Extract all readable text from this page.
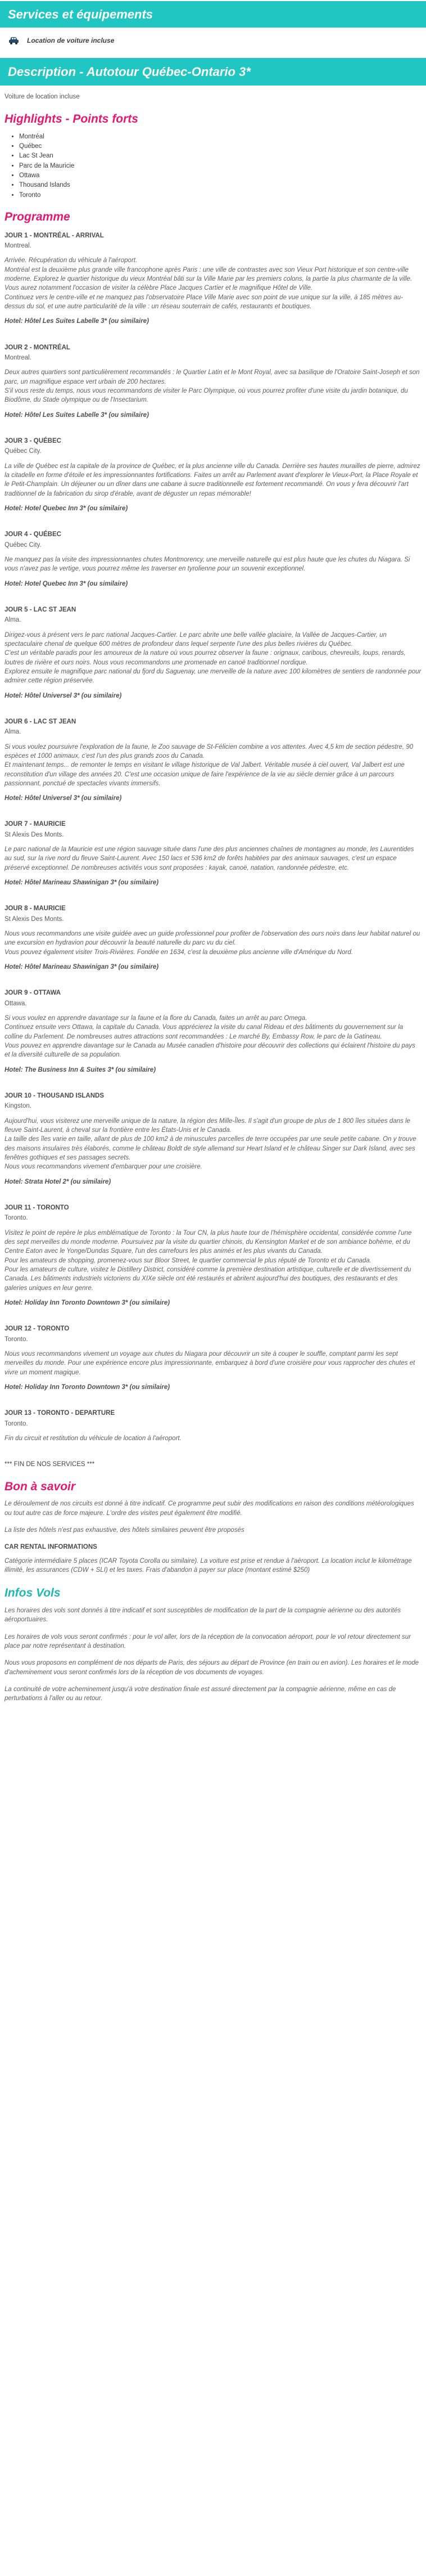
Services et équipements
Location de voiture incluse
Description - Autotour Québec-Ontario 3*
Voiture de location incluse
Highlights - Points forts
• Montréal
• Québec
• Lac St Jean
• Parc de la Mauricie
• Ottawa
• Thousand Islands
• Toronto
Programme
JOUR 1 - MONTRÉAL - ARRIVAL
Montreal.

Arrivée. Récupération du véhicule à l'aéroport.

Montréal est la deuxième plus grande ville francophone après Paris : une ville de contrastes avec son Vieux Port historique et son centre-ville moderne. Explorez le quartier historique du vieux Montréal bâti sur la Ville Marie par les premiers colons, la partie la plus charmante de la ville. Vous aurez notamment l'occasion de visiter la célèbre Place Jacques Cartier et le magnifique Hôtel de Ville.

Continuez vers le centre-ville et ne manquez pas l'observatoire Place Ville Marie avec son point de vue unique sur la ville, à 185 mètres au-dessus du sol, et une autre particularité de la ville : un réseau souterrain de cafés, restaurants et boutiques.

Hotel: Hôtel Les Suites Labelle 3* (ou similaire)
JOUR 2 - MONTRÉAL
Montreal.

Deux autres quartiers sont particulièrement recommandés : le Quartier Latin et le Mont Royal, avec sa basilique de l'Oratoire Saint-Joseph et son parc, un magnifique espace vert urbain de 200 hectares.

S'il vous reste du temps, nous vous recommandons de visiter le Parc Olympique, où vous pourrez profiter d'une visite du jardin botanique, du Biodôme, du Stade olympique ou de l'Insectarium.

Hotel: Hôtel Les Suites Labelle 3* (ou similaire)
JOUR 3 - QUÉBEC
Québec City.

La ville de Québec est la capitale de la province de Québec, et la plus ancienne ville du Canada. Derrière ses hautes murailles de pierre, admirez la citadelle en forme d'étoile et les impressionnantes fortifications. Faites un arrêt au Parlement avant d'explorer le Vieux-Port, la Place Royale et le Petit-Champlain. Un déjeuner ou un dîner dans une cabane à sucre traditionnelle est fortement recommandé. On vous y fera découvrir l'art traditionnel de la fabrication du sirop d'érable, avant de déguster un repas mémorable!

Hotel: Hotel Quebec Inn 3* (ou similaire)
JOUR 4 - QUÉBEC
Québec City.

Ne manquez pas la visite des impressionnantes chutes Montmorency, une merveille naturelle qui est plus haute que les chutes du Niagara. Si vous n'avez pas le vertige, vous pourrez même les traverser en tyrolienne pour un souvenir exceptionnel.

Hotel: Hotel Quebec Inn 3* (ou similaire)
JOUR 5 - LAC ST JEAN
Alma.

Dirigez-vous à présent vers le parc national Jacques-Cartier. Le parc abrite une belle vallée glaciaire, la Vallée de Jacques-Cartier, un spectaculaire chenal de quelque 600 mètres de profondeur dans lequel serpente l'une des plus belles rivières du Québec.

C'est un véritable paradis pour les amoureux de la nature où vous pourrez observer la faune : orignaux, caribous, chevreuils, loups, renards, loutres de rivière et ours noirs. Nous vous recommandons une promenade en canoë traditionnel nordique.

Explorez ensuite le magnifique parc national du fjord du Saguenay, une merveille de la nature avec 100 kilomètres de sentiers de randonnée pour admirer cette région préservée.

Hotel: Hôtel Universel 3* (ou similaire)
JOUR 6 - LAC ST JEAN
Alma.

Si vous voulez poursuivre l'exploration de la faune, le Zoo sauvage de St-Félicien combine a vos attentes. Avec 4,5 km de section pédestre, 90 espèces et 1000 animaux, c'est l'un des plus grands zoos du Canada.

Et maintenant temps... de remonter le temps en visitant le village historique de Val Jalbert. Véritable musée à ciel ouvert, Val Jalbert est une reconstitution d'un village des années 20. C'est une occasion unique de faire l'expérience de la vie au siècle dernier grâce à un parcours passionnant, ponctué de spectacles vivants immersifs.

Hotel: Hôtel Universel 3* (ou similaire)
JOUR 7 - MAURICIE
St Alexis Des Monts.

Le parc national de la Mauricie est une région sauvage située dans l'une des plus anciennes chaînes de montagnes au monde, les Laurentides au sud, sur la rive nord du fleuve Saint-Laurent. Avec 150 lacs et 536 km2 de forêts habitées par des animaux sauvages, c'est un espace préservé exceptionnel. De nombreuses activités vous sont proposées : kayak, canoë, natation, randonnée pédestre, etc.

Hotel: Hôtel Marineau Shawinigan 3* (ou similaire)
JOUR 8 - MAURICIE
St Alexis Des Monts.

Nous vous recommandons une visite guidée avec un guide professionnel pour profiter de l'observation des ours noirs dans leur habitat naturel ou une excursion en hydravion pour découvrir la beauté naturelle du parc vu du ciel.

Vous pouvez également visiter Trois-Rivières. Fondée en 1634, c'est la deuxième plus ancienne ville d'Amérique du Nord.

Hotel: Hôtel Marineau Shawinigan 3* (ou similaire)
JOUR 9 - OTTAWA
Ottawa.

Si vous voulez en apprendre davantage sur la faune et la flore du Canada, faites un arrêt au parc Omega.

Continuez ensuite vers Ottawa, la capitale du Canada. Vous apprécierez la visite du canal Rideau et des bâtiments du gouvernement sur la colline du Parlement. De nombreuses autres attractions sont recommandées : Le marché By, Embassy Row, le parc de la Gatineau.

Vous pouvez en apprendre davantage sur le Canada au Musée canadien d'histoire pour découvrir des collections qui éclairent l'histoire du pays et la diversité culturelle de sa population.

Hotel: The Business Inn & Suites 3* (ou similaire)
JOUR 10 - THOUSAND ISLANDS
Kingston.

Aujourd'hui, vous visiterez une merveille unique de la nature, la région des Mille-Îles. Il s'agit d'un groupe de plus de 1 800 îles situées dans le fleuve Saint-Laurent, à cheval sur la frontière entre les États-Unis et le Canada.

La taille des îles varie en taille, allant de plus de 100 km2 à de minuscules parcelles de terre occupées par une seule petite cabane. On y trouve des maisons insulaires très élaborés, comme le château Boldt de style allemand sur Heart Island et le château Singer sur Dark Island, avec ses fenêtres gothiques et ses passages secrets.

Nous vous recommandons vivement d'embarquer pour une croisière.

Hotel: Strata Hotel 2* (ou similaire)
JOUR 11 - TORONTO
Toronto.

Visitez le point de repère le plus emblématique de Toronto : la Tour CN, la plus haute tour de l'hémisphère occidental, considérée comme l'une des sept merveilles du monde moderne. Poursuivez par la visite du quartier chinois, du Kensington Market et de son ambiance bohème, et du Centre Eaton avec le Yonge/Dundas Square, l'un des carrefours les plus animés et les plus vivants du Canada.

Pour les amateurs de shopping, promenez-vous sur Bloor Street, le quartier commercial le plus réputé de Toronto et du Canada.

Pour les amateurs de culture, visitez le Distillery District, considéré comme la première destination artistique, culturelle et de divertissement du Canada. Les bâtiments industriels victoriens du XIXe siècle ont été restaurés et abritent aujourd'hui des boutiques, des restaurants et des galeries uniques en leur genre.

Hotel: Holiday Inn Toronto Downtown 3* (ou similaire)
JOUR 12 - TORONTO
Toronto.

Nous vous recommandons vivement un voyage aux chutes du Niagara pour découvrir un site à couper le souffle, comptant parmi les sept merveilles du monde. Pour une expérience encore plus impressionnante, embarquez à bord d'une croisière pour vous rapprocher des chutes et vivre un moment magique.

Hotel: Holiday Inn Toronto Downtown 3* (ou similaire)
JOUR 13 - TORONTO - DEPARTURE
Toronto.

Fin du circuit et restitution du véhicule de location à l'aéroport.

*** FIN DE NOS SERVICES ***
Bon à savoir

Le déroulement de nos circuits est donné à titre indicatif. Ce programme peut subir des modifications en raison des conditions météorologiques ou tout autre cas de force majeure. L'ordre des visites peut également être modifié.

La liste des hôtels n'est pas exhaustive, des hôtels similaires peuvent être proposés

CAR RENTAL INFORMATIONS

Catégorie intermédiaire 5 places (ICAR Toyota Corolla ou similaire). La voiture est prise et rendue à l'aéroport. La location inclut le kilométrage illimité, les assurances (CDW + SLI) et les taxes. Frais d'abandon à payer sur place (montant estimé $250)

Infos Vols

Les horaires des vols sont donnés à titre indicatif et sont susceptibles de modification de la part de la compagnie aérienne ou des autorités aéroportuaires.

Les horaires de vols vous seront confirmés : pour le vol aller, lors de la réception de la convocation aéroport, pour le vol retour directement sur place par notre représentant à destination.

Nous vous proposons en complément de nos départs de Paris, des séjours au départ de Province (en train ou en avion). Les horaires et le mode d'acheminement vous seront confirmés lors de la réception de vos documents de voyages.

La continuité de votre acheminement jusqu'à votre destination finale est assuré directement par la compagnie aérienne, même en cas de perturbations à l'aller ou au retour.
